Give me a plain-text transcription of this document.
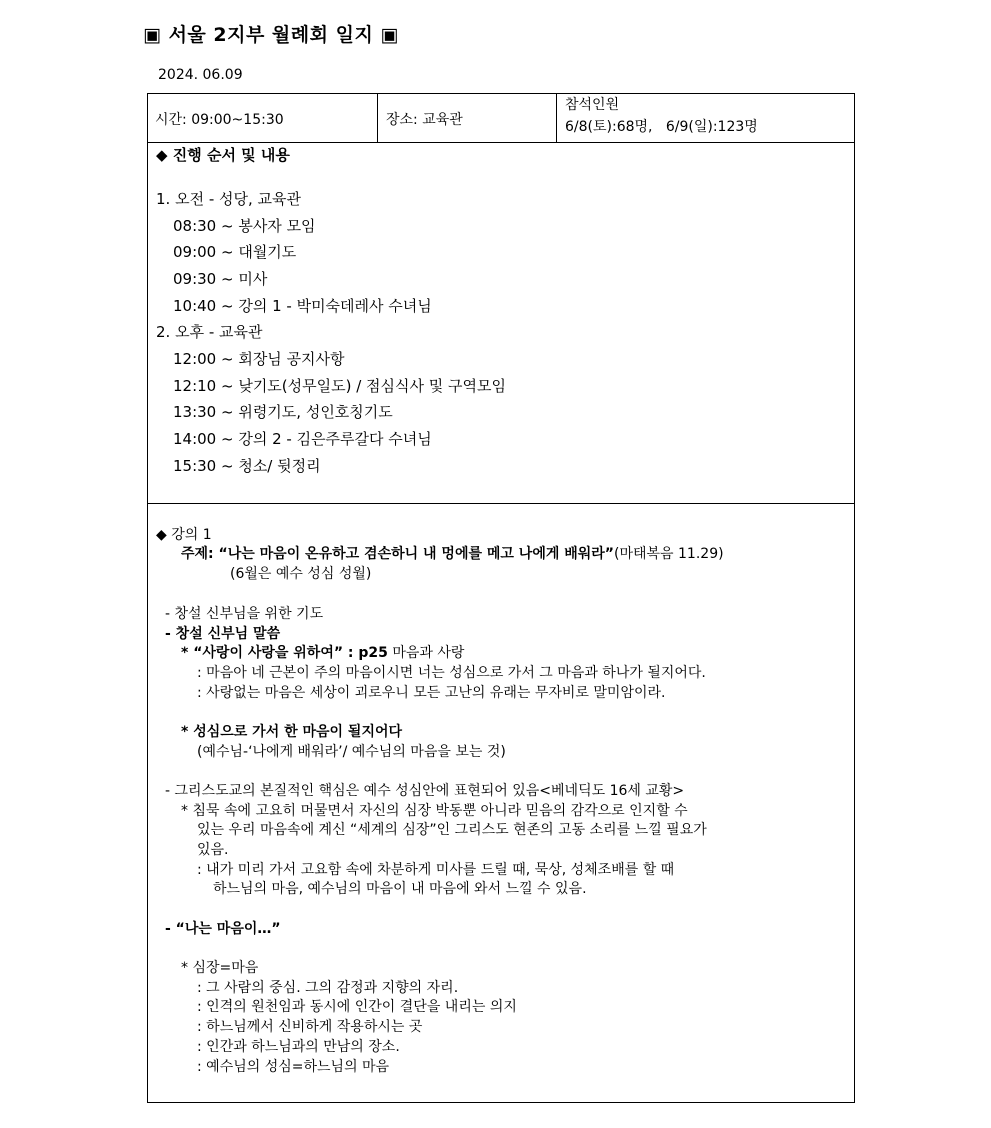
▣ 서울 2지부 월례회 일지 ▣
2024. 06.09
시간: 09:00~15:30	장소: 교육관
참석인원
6/8(토):68명,   6/9(일):123명
◆ 진행 순서 및 내용
1. 오전 - 성당, 교육관
08:30 ~ 봉사자 모임
09:00 ~ 대월기도
09:30 ~ 미사
10:40 ~ 강의 1 - 박미숙데레사 수녀님
2. 오후 - 교육관
12:00 ~ 회장님 공지사항
12:10 ~ 낮기도(성무일도) / 점심식사 및 구역모임
13:30 ~ 위령기도, 성인호칭기도
14:00 ~ 강의 2 - 김은주루갈다 수녀님
15:30 ~ 청소/ 뒷정리
◆ 강의 1
주제: “나는 마음이 온유하고 겸손하니 내 멍에를 메고 나에게 배워라”(마태복음 11.29)
(6월은 예수 성심 성월)
- 창설 신부님을 위한 기도
- 창설 신부님 말씀
* “사랑이 사랑을 위하여” : p25 마음과 사랑
: 마음아 네 근본이 주의 마음이시면 너는 성심으로 가서 그 마음과 하나가 될지어다.
: 사랑없는 마음은 세상이 괴로우니 모든 고난의 유래는 무자비로 말미암이라.
* 성심으로 가서 한 마음이 될지어다
(예수님-‘나에게 배워라’/ 예수님의 마음을 보는 것)
- 그리스도교의 본질적인 핵심은 예수 성심안에 표현되어 있음<베네딕도 16세 교황>
* 침묵 속에 고요히 머물면서 자신의 심장 박동뿐 아니라 믿음의 감각으로 인지할 수
있는 우리 마음속에 계신 “세계의 심장”인 그리스도 현존의 고동 소리를 느낄 필요가
있음.
: 내가 미리 가서 고요함 속에 차분하게 미사를 드릴 때, 묵상, 성체조배를 할 때
하느님의 마음, 예수님의 마음이 내 마음에 와서 느낄 수 있음.
- “나는 마음이…”
* 심장=마음
: 그 사람의 중심. 그의 감정과 지향의 자리.
: 인격의 원천임과 동시에 인간이 결단을 내리는 의지
: 하느님께서 신비하게 작용하시는 곳
: 인간과 하느님과의 만남의 장소.
: 예수님의 성심=하느님의 마음
